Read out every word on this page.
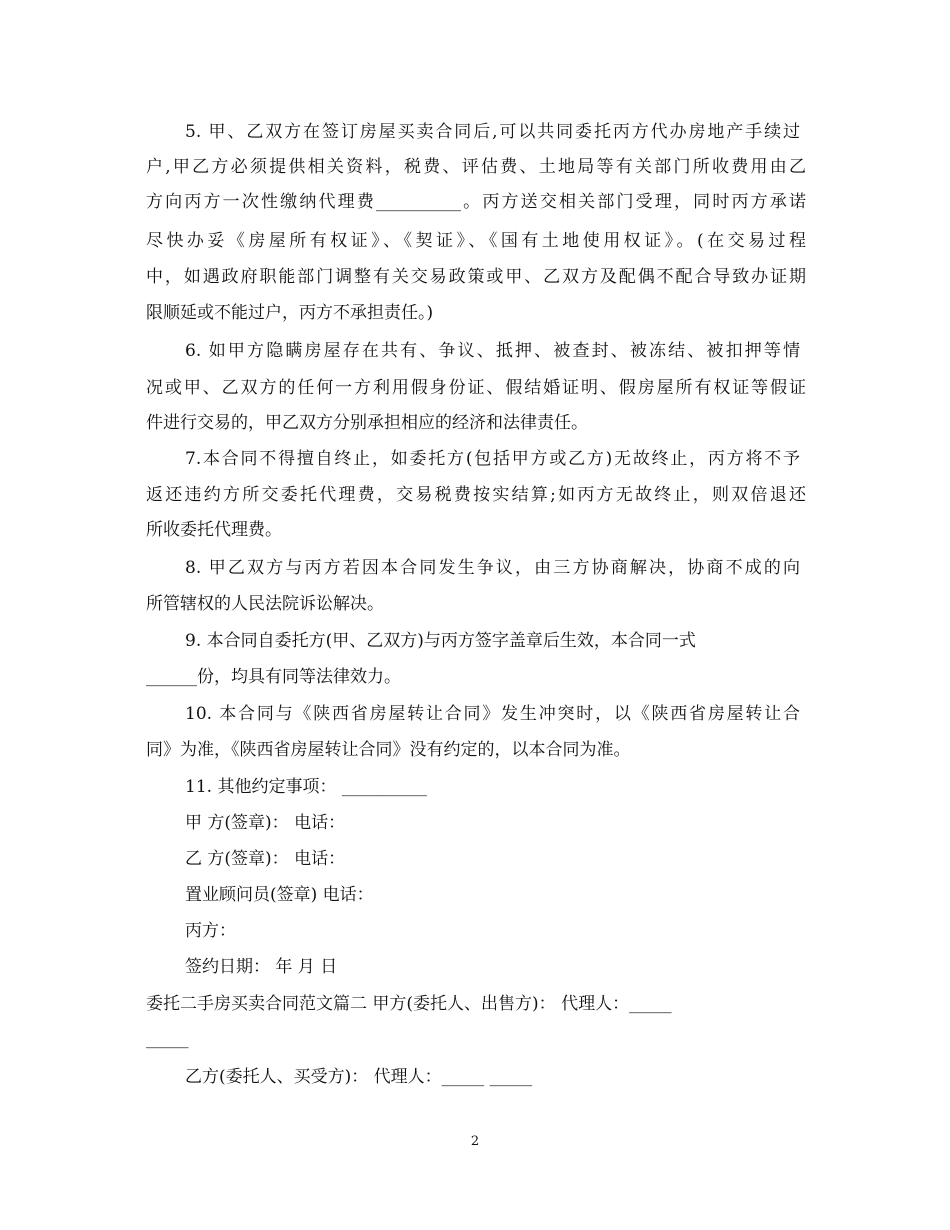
5. 甲、乙双方在签订房屋买卖合同后,可以共同委托丙方代办房地产手续过
户,甲乙方必须提供相关资料，税费、评估费、土地局等有关部门所收费用由乙
方向丙方一次性缴纳代理费__________。丙方送交相关部门受理，同时丙方承诺
尽快办妥《房屋所有权证》、《契证》、《国有土地使用权证》。(在交易过程
中，如遇政府职能部门调整有关交易政策或甲、乙双方及配偶不配合导致办证期
限顺延或不能过户，丙方不承担责任。)
6. 如甲方隐瞒房屋存在共有、争议、抵押、被查封、被冻结、被扣押等情
况或甲、乙双方的任何一方利用假身份证、假结婚证明、假房屋所有权证等假证
件进行交易的，甲乙双方分别承担相应的经济和法律责任。
7.本合同不得擅自终止，如委托方(包括甲方或乙方)无故终止，丙方将不予
返还违约方所交委托代理费，交易税费按实结算;如丙方无故终止，则双倍退还
所收委托代理费。
8. 甲乙双方与丙方若因本合同发生争议，由三方协商解决，协商不成的向
所管辖权的人民法院诉讼解决。
9. 本合同自委托方(甲、乙双方)与丙方签字盖章后生效，本合同一式
______份，均具有同等法律效力。
10. 本合同与《陕西省房屋转让合同》发生冲突时，以《陕西省房屋转让合
同》为准，《陕西省房屋转让合同》没有约定的，以本合同为准。
11. 其他约定事项： __________
甲 方(签章)： 电话：
乙 方(签章)： 电话：
置业顾问员(签章) 电话：
丙方：
签约日期： 年 月 日
委托二手房买卖合同范文篇二 甲方(委托人、出售方)： 代理人：_____
_____
乙方(委托人、买受方)： 代理人：_____ _____
2
